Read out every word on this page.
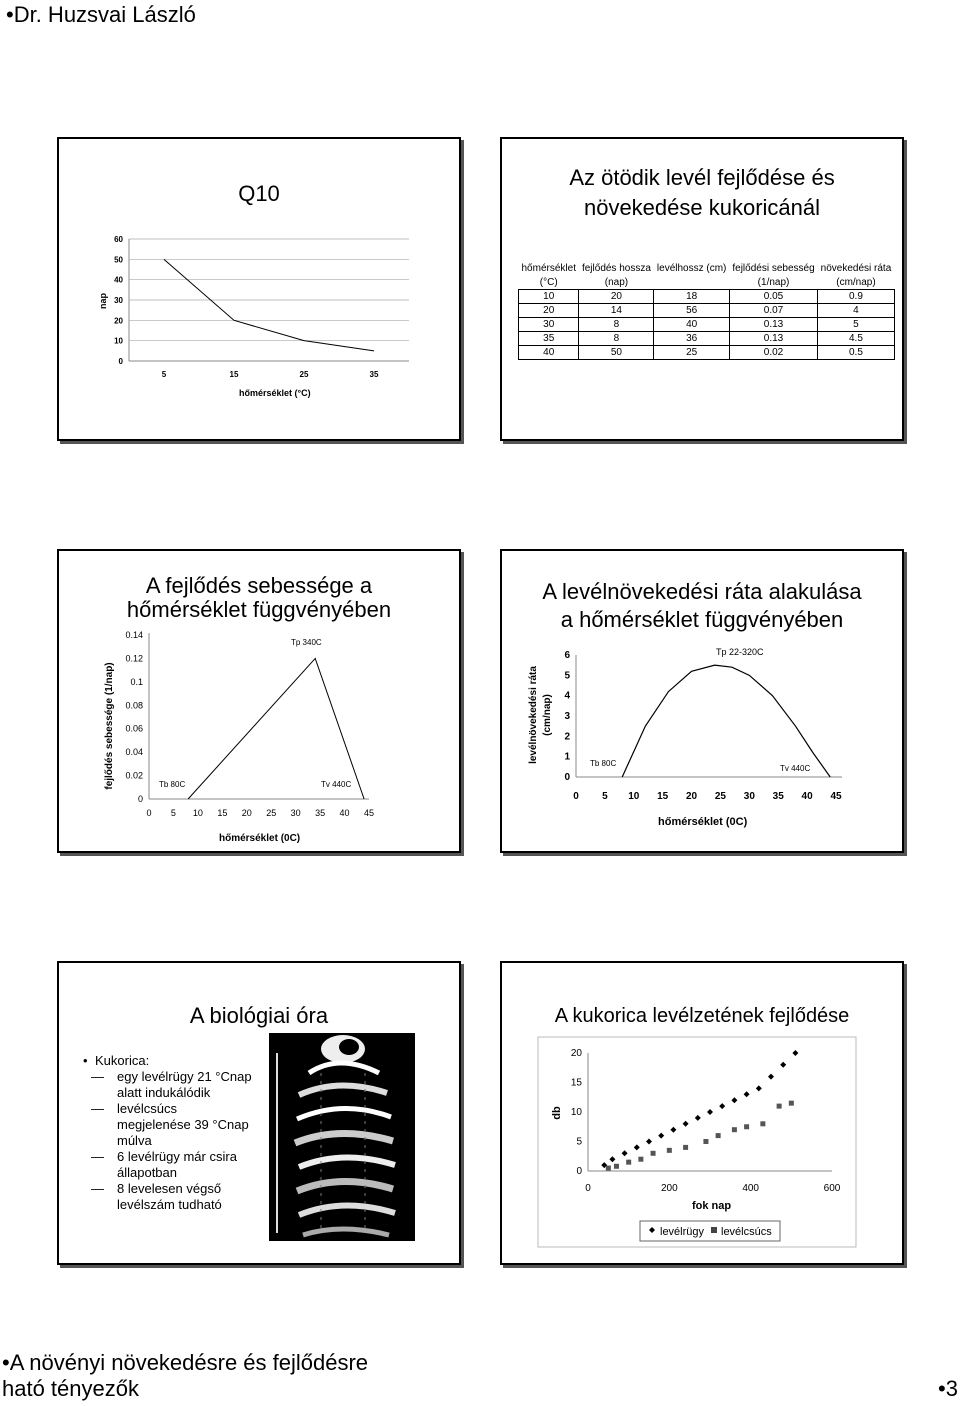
•Dr. Huzsvai László
Q10
0
10
20
30
40
50
60
5	15	25	35
hőmérséklet (°C)
nap
Az ötödik levél fejlődése és
növekedése kukoricánál
hőmérséklet	fejlődés hossza	levélhossz (cm)	fejlődési sebesség	növekedési ráta
(°C)	(nap)		(1/nap)	(cm/nap)
10	20	18	0.05	0.9
20	14	56	0.07	4
30	8	40	0.13	5
35	8	36	0.13	4.5
40	50	25	0.02	0.5
A fejlődés sebessége a
hőmérséklet függvényében
0
0.02
0.04
0.06
0.08
0.1
0.12
0.14
0 5 10 15 20 25 30 35 40 45
Tb 80C
Tp 340C
Tv 440C
hőmérséklet (0C)
fejlődés sebessége (1/nap)
A levélnövekedési ráta alakulása
a hőmérséklet függvényében
0
1
2
3
4
5
6
0 5 10 15 20 25 30 35 40 45
Tb 80C
Tp 22-320C
Tv 440C
hőmérséklet (0C)
levélnövekedési ráta (cm/nap)
A biológiai óra
• Kukorica:
— egy levélrügy 21 °Cnap
alatt indukálódik
— levélcsúcs
megjelenése 39 °Cnap
múlva
— 6 levélrügy már csira
állapotban
— 8 levelesen végső
levélszám tudható
A kukorica levélzetének fejlődése
0
5
10
15
20
0	200	400	600
fok nap
db
levélrügy levélcsúcs
•A növényi növekedésre és fejlődésre
ható tényezők	•3
